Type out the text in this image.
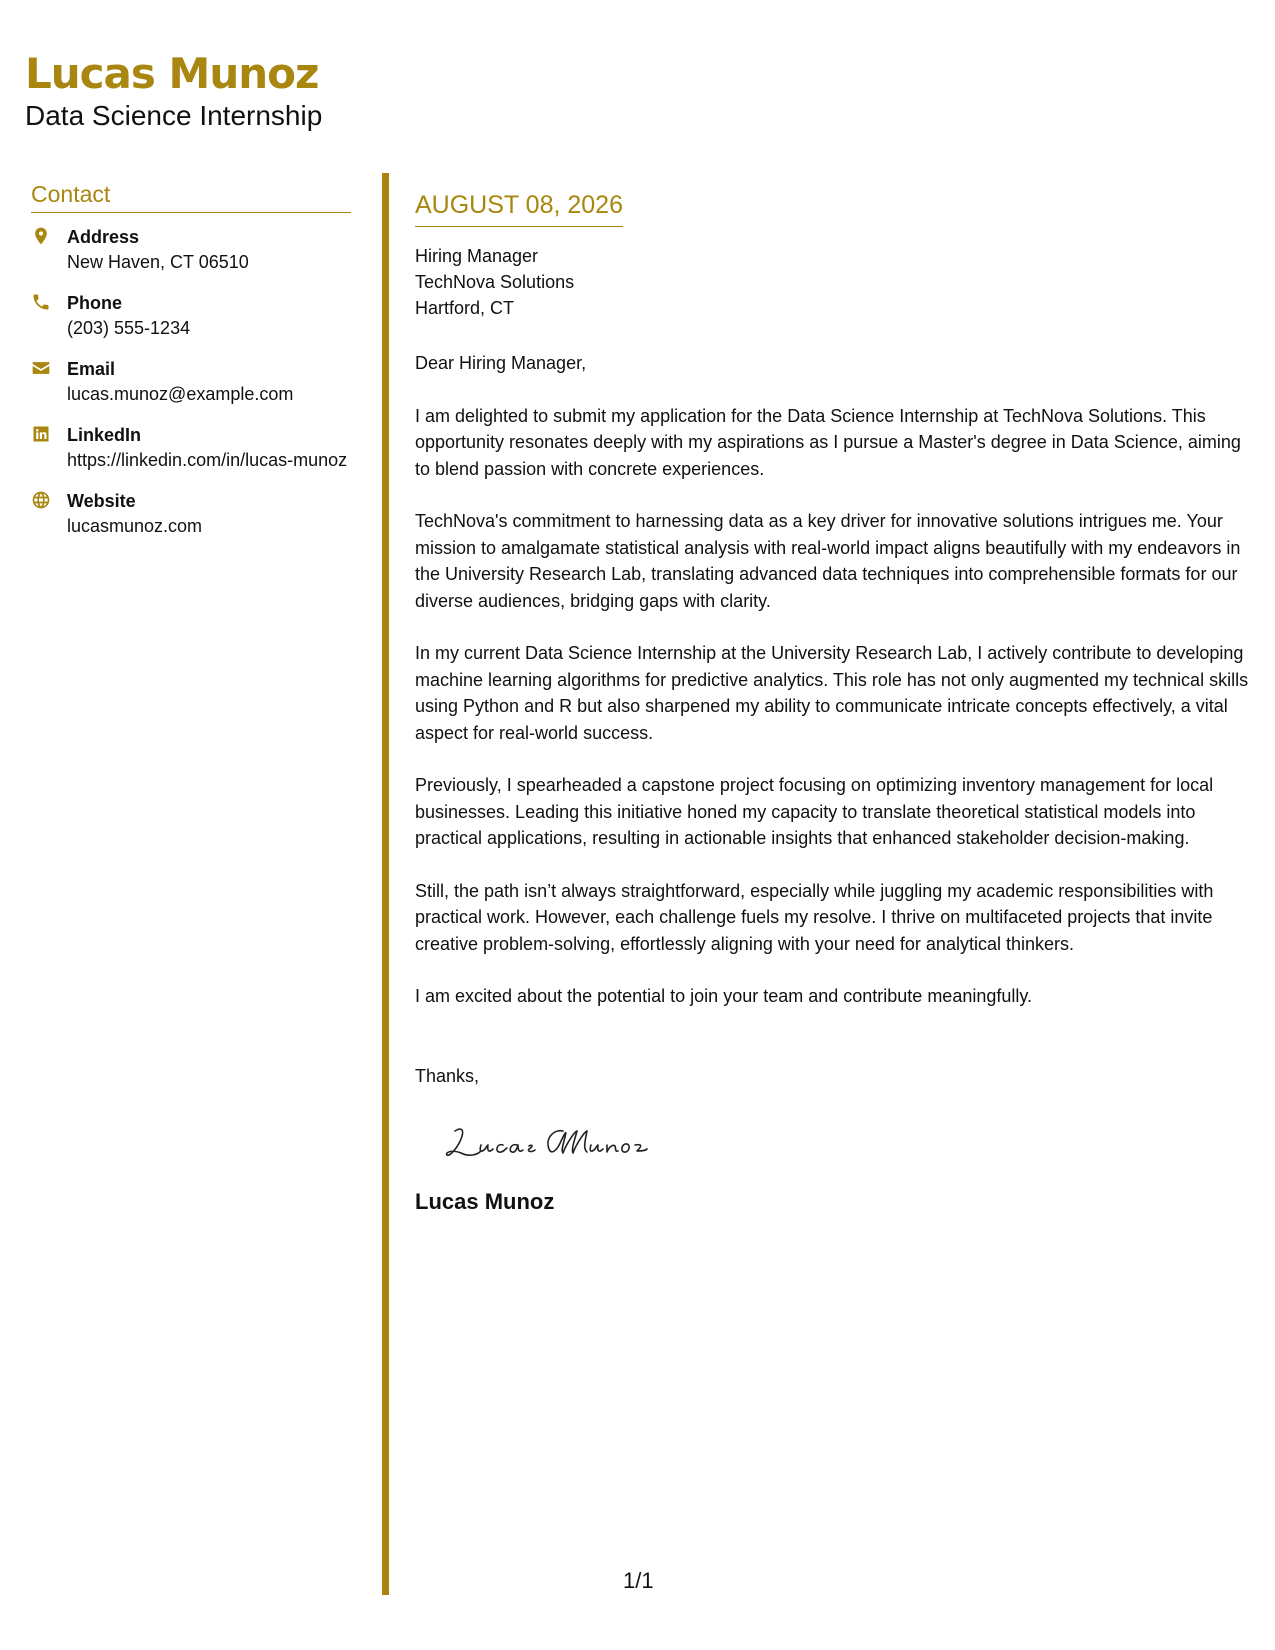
Lucas Munoz
Data Science Internship
Contact
Address
New Haven, CT 06510
Phone
(203) 555-1234
Email
lucas.munoz@example.com
LinkedIn
https://linkedin.com/in/lucas-munoz
Website
lucasmunoz.com
AUGUST 08, 2026
Hiring Manager
TechNova Solutions
Hartford, CT
Dear Hiring Manager,
I am delighted to submit my application for the Data Science Internship at TechNova Solutions. This opportunity resonates deeply with my aspirations as I pursue a Master's degree in Data Science, aiming to blend passion with concrete experiences.
TechNova's commitment to harnessing data as a key driver for innovative solutions intrigues me. Your mission to amalgamate statistical analysis with real-world impact aligns beautifully with my endeavors in the University Research Lab, translating advanced data techniques into comprehensible formats for our diverse audiences, bridging gaps with clarity.
In my current Data Science Internship at the University Research Lab, I actively contribute to developing machine learning algorithms for predictive analytics. This role has not only augmented my technical skills using Python and R but also sharpened my ability to communicate intricate concepts effectively, a vital aspect for real-world success.
Previously, I spearheaded a capstone project focusing on optimizing inventory management for local businesses. Leading this initiative honed my capacity to translate theoretical statistical models into practical applications, resulting in actionable insights that enhanced stakeholder decision-making.
Still, the path isn’t always straightforward, especially while juggling my academic responsibilities with practical work. However, each challenge fuels my resolve. I thrive on multifaceted projects that invite creative problem-solving, effortlessly aligning with your need for analytical thinkers.
I am excited about the potential to join your team and contribute meaningfully.
Thanks,
Lucas Munoz
1/1
